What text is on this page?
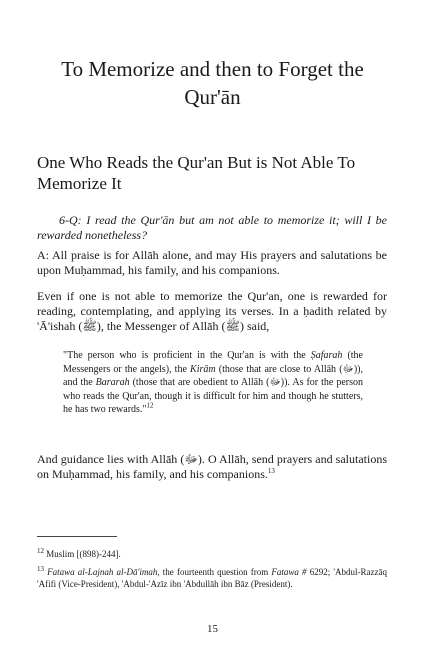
To Memorize and then to Forget the Qur'ān
One Who Reads the Qur'an But is Not Able To Memorize It

6-Q: I read the Qur'ān but am not able to memorize it; will I be rewarded nonetheless?

A: All praise is for Allāh alone, and may His prayers and salutations be upon Muḥammad, his family, and his companions.

Even if one is not able to memorize the Qur'an, one is rewarded for reading, contemplating, and applying its verses. In a ḥadith related by 'Ā'ishah (ﷺ), the Messenger of Allāh (ﷺ) said,

"The person who is proficient in the Qur'an is with the Ṣafarah (the Messengers or the angels), the Kirām (those that are close to Allāh (ﷻ)), and the Bararah (those that are obedient to Allāh (ﷻ)). As for the person who reads the Qur'an, though it is difficult for him and though he stutters, he has two rewards."$^{12}$

And guidance lies with Allāh (ﷻ). O Allāh, send prayers and salutations on Muḥammad, his family, and his companions.$^{13}$

$^{12}$ Muslim [(898)-244].

$^{13}$ Fatawa al-Lajnah al-Dā'imah, the fourteenth question from Fatawa # 6292; 'Abdul-Razzāq 'Afifi (Vice-President), 'Abdul-'Azīz ibn 'Abdullāh ibn Bāz (President).

15
